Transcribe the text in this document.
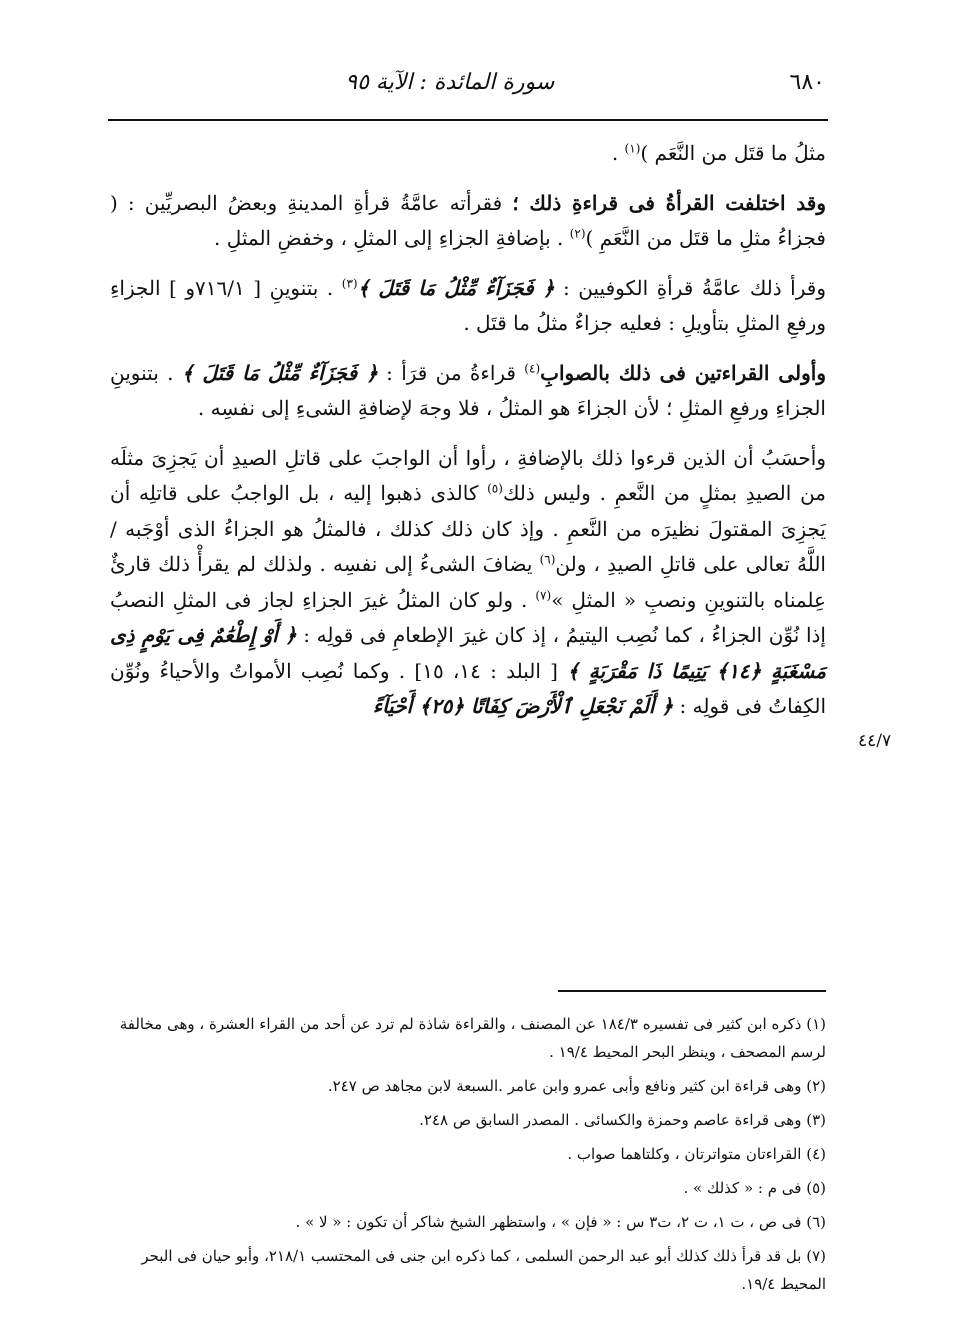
٦٨٠
سورة المائدة : الآية ٩٥

مثلُ ما قتَل من النَّعَم )$^{(١)}$ .

وقد اختلفت القرأةُ فى قراءةِ ذلك ؛ فقرأته عامَّةُ قرأةِ المدينةِ وبعضُ البصريِّين : ( فجزاءُ مثلِ ما قتَل من النَّعَمِ )$^{(٢)}$ . بإضافةِ الجزاءِ إلى المثلِ ، وخفضِ المثلِ .

وقرأ ذلك عامَّةُ قرأةِ الكوفيين : ﴿ فَجَزَآءٌ مِّثْلُ مَا قَتَلَ ﴾$^{(٣)}$ . بتنوينِ [ ٧١٦/١و ] الجزاءِ ورفعِ المثلِ بتأويلِ : فعليه جزاءٌ مثلُ ما قتَل .

وأولى القراءتين فى ذلك بالصوابِ$^{(٤)}$ قراءةُ من قرَأ : ﴿ فَجَزَآءٌ مِّثْلُ مَا قَتَلَ ﴾ . بتنوينِ الجزاءِ ورفعِ المثلِ ؛ لأن الجزاءَ هو المثلُ ، فلا وجهَ لإضافةِ الشىءِ إلى نفسِه .

وأحسَبُ أن الذين قرءوا ذلك بالإضافةِ ، رأوا أن الواجبَ على قاتلِ الصيدِ أن يَجزِىَ مثلَه من الصيدِ بمثلٍ من النَّعمِ . وليس ذلك$^{(٥)}$ كالذى ذهبوا إليه ، بل الواجبُ على قاتلِه أن يَجزِىَ المقتولَ نظيرَه من النَّعمِ . وإذ كان ذلك كذلك ، فالمثلُ هو الجزاءُ الذى أوْجَبه / اللَّهُ تعالى على قاتلِ الصيدِ ، ولن$^{(٦)}$ يضافَ الشىءُ إلى نفسِه . ولذلك لم يقرأْ ذلك قارئٌ عِلمناه بالتنوينِ ونصبِ « المثلِ »$^{(٧)}$ . ولو كان المثلُ غيرَ الجزاءِ لجاز فى المثلِ النصبُ إذا نُوِّن الجزاءُ ، كما نُصِب اليتيمُ ، إذ كان غيرَ الإطعامِ فى قولِه : ﴿ أَوْ إِطْعَٰمٌ فِى يَوْمٍ ذِى مَسْغَبَةٍ ﴿١٤﴾ يَتِيمًا ذَا مَقْرَبَةٍ ﴾ [ البلد : ١٤، ١٥] . وكما نُصِب الأمواتُ والأحياءُ ونُوِّن الكِفاتُ فى قولِه : ﴿ أَلَمْ نَجْعَلِ ٱلْأَرْضَ كِفَاتًا ﴿٢٥﴾ أَحْيَآءً

٤٤/٧

(١) ذكره ابن كثير فى تفسيره ١٨٤/٣ عن المصنف ، والقراءة شاذة لم ترد عن أحد من القراء العشرة ، وهى مخالفة لرسم المصحف ، وينظر البحر المحيط ١٩/٤ .

(٢) وهى قراءة ابن كثير ونافع وأبى عمرو وابن عامر .السبعة لابن مجاهد ص ٢٤٧.

(٣) وهى قراءة عاصم وحمزة والكسائى . المصدر السابق ص ٢٤٨.

(٤) القراءتان متواترتان ، وكلتاهما صواب .

(٥) فى م : « كذلك » .

(٦) فى ص ، ت ١، ت ٢، ت٣ س : « فإن » ، واستظهر الشيخ شاكر أن تكون : « لا » .

(٧) بل قد قرأ ذلك كذلك أبو عبد الرحمن السلمى ، كما ذكره ابن جنى فى المحتسب ٢١٨/١، وأبو حيان فى البحر المحيط ١٩/٤.
